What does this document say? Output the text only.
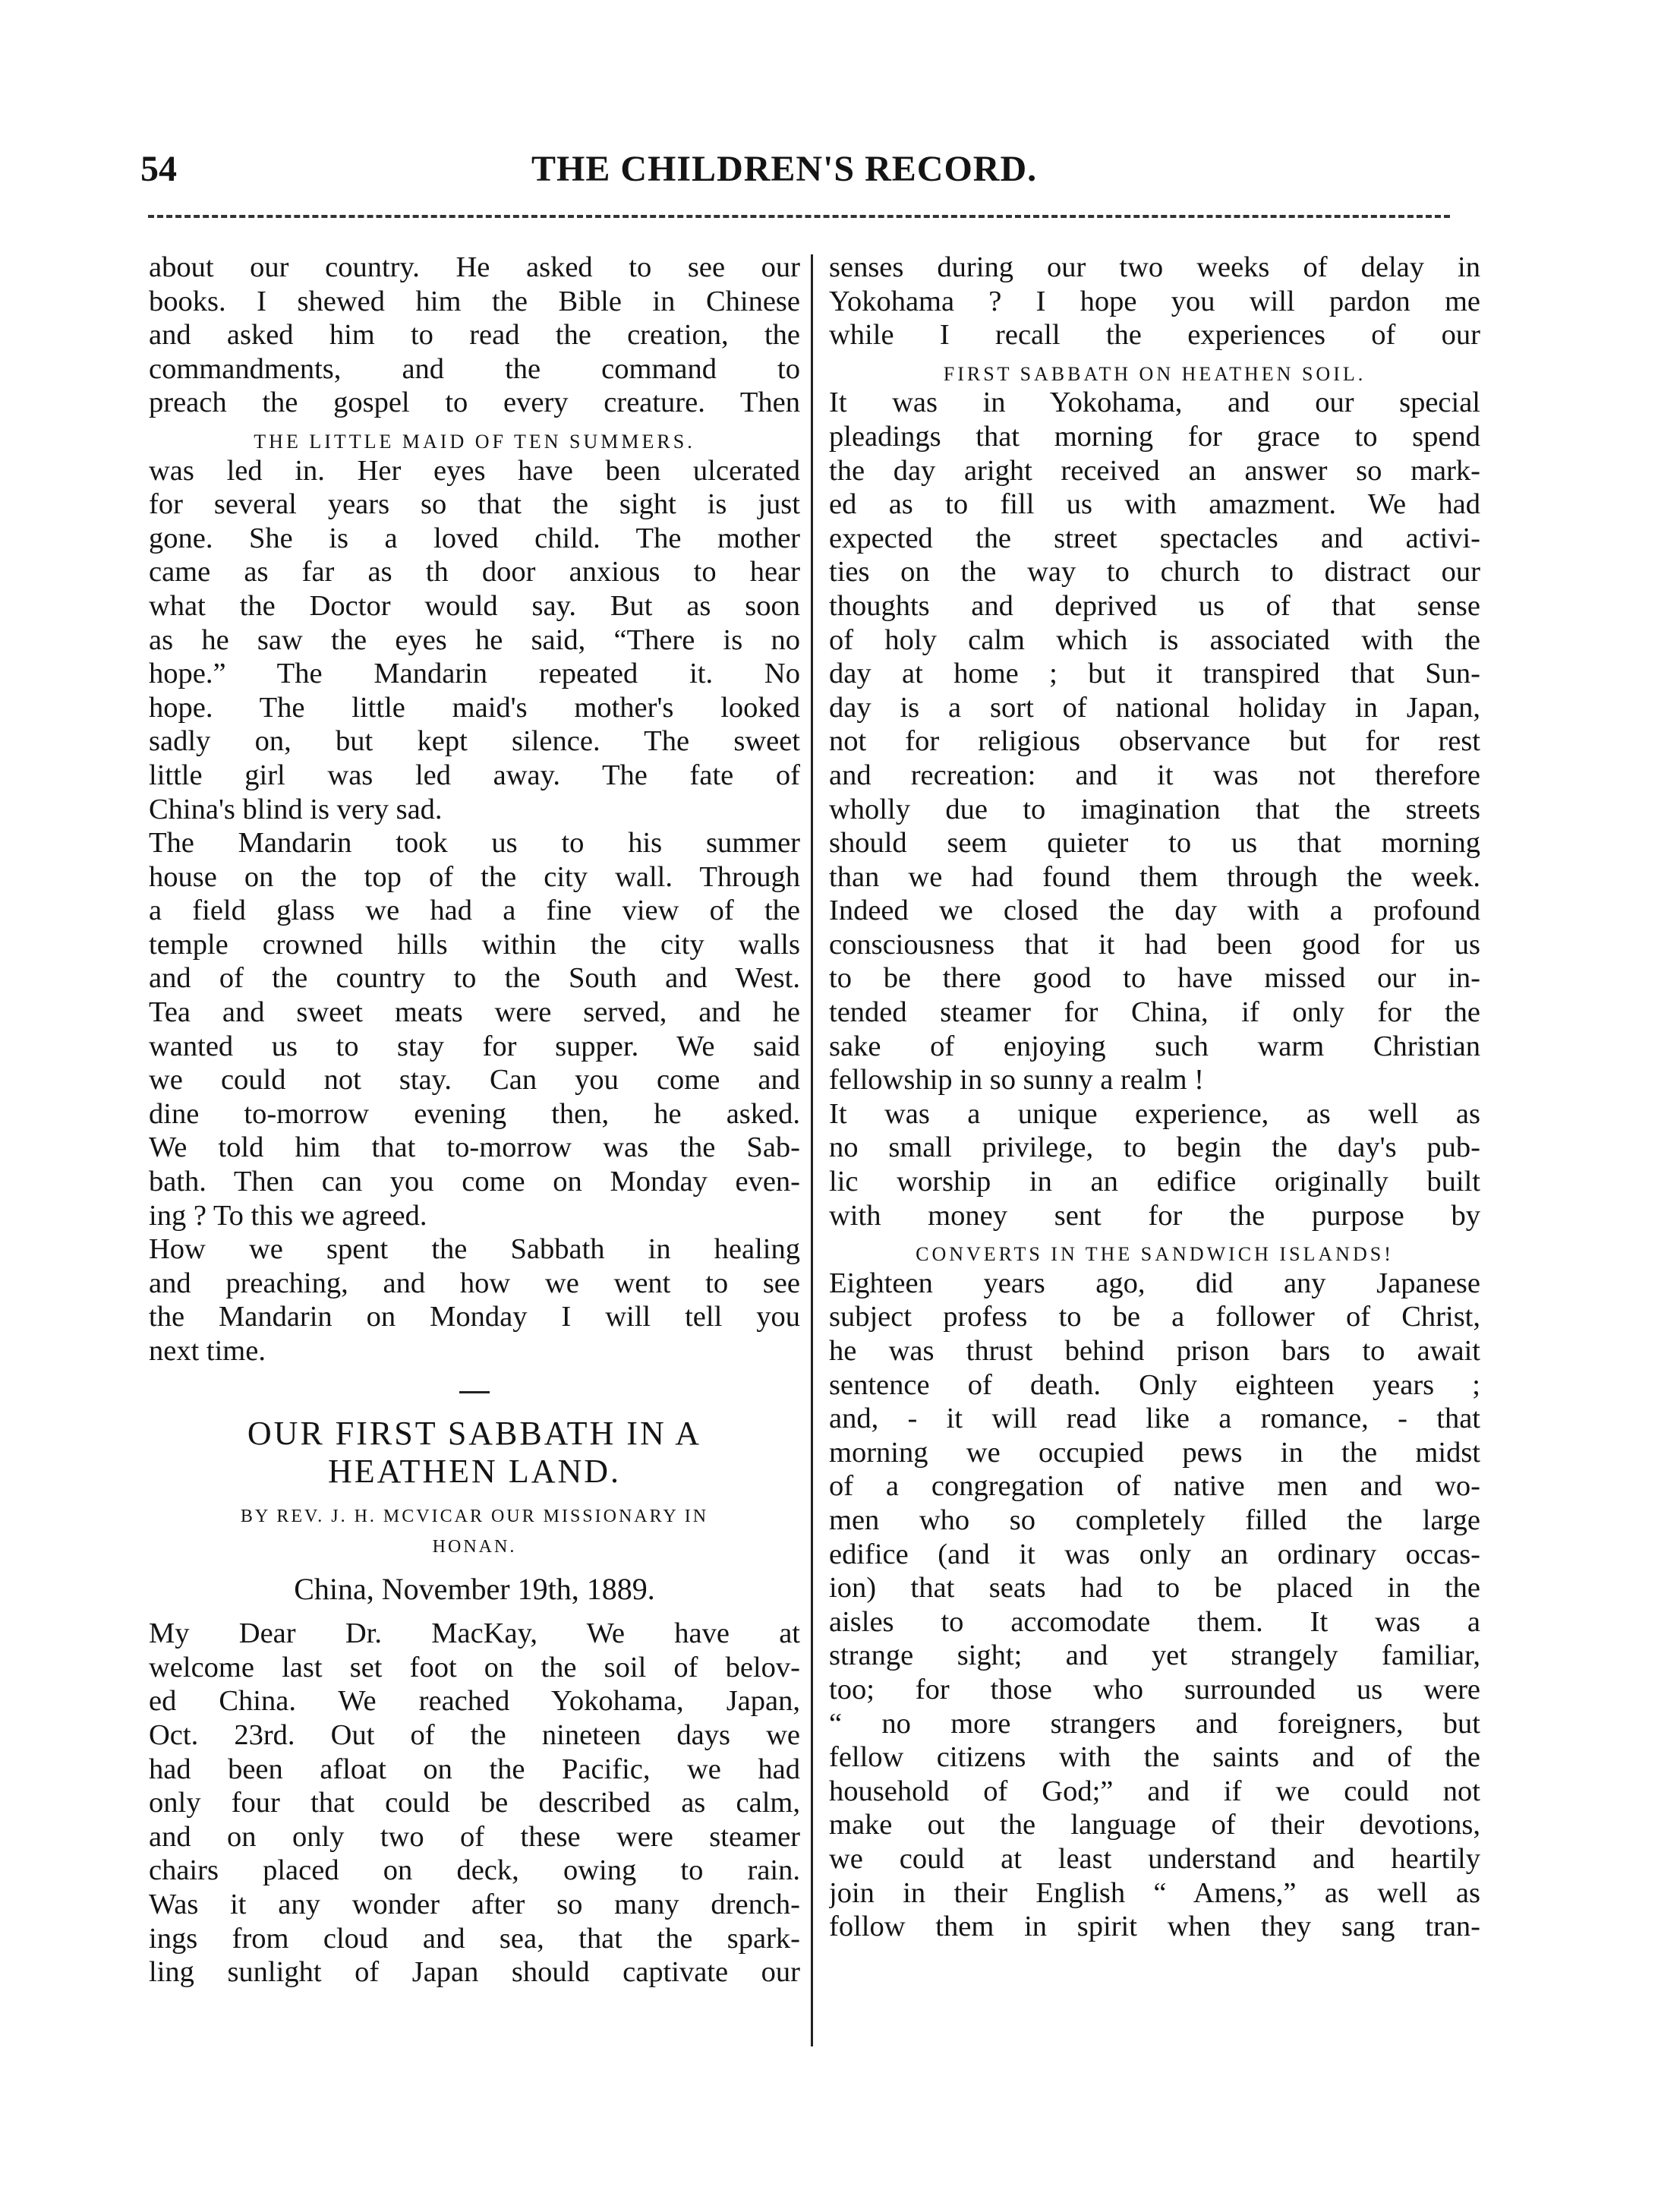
54	THE CHILDREN'S RECORD.
about our country. He asked to see our
books. I shewed him the Bible in Chinese
and asked him to read the creation, the
commandments, and the command to
preach the gospel to every creature. Then
THE LITTLE MAID OF TEN SUMMERS.
was led in. Her eyes have been ulcerated
for several years so that the sight is just
gone. She is a loved child. The mother
came as far as th door anxious to hear
what the Doctor would say. But as soon
as he saw the eyes he said, “There is no
hope.” The Mandarin repeated it. No
hope. The little maid's mother's looked
sadly on, but kept silence. The sweet
little girl was led away. The fate of
China's blind is very sad.
The Mandarin took us to his summer
house on the top of the city wall. Through
a field glass we had a fine view of the
temple crowned hills within the city walls
and of the country to the South and West.
Tea and sweet meats were served, and he
wanted us to stay for supper. We said
we could not stay. Can you come and
dine to-morrow evening then, he asked.
We told him that to-morrow was the Sab-
bath. Then can you come on Monday even-
ing ? To this we agreed.
How we spent the Sabbath in healing
and preaching, and how we went to see
the Mandarin on Monday I will tell you
next time.
OUR FIRST SABBATH IN A
HEATHEN LAND.
BY REV. J. H. MCVICAR OUR MISSIONARY IN
HONAN.
China, November 19th, 1889.
My Dear Dr. MacKay, We have at
welcome last set foot on the soil of belov-
ed China. We reached Yokohama, Japan,
Oct. 23rd. Out of the nineteen days we
had been afloat on the Pacific, we had
only four that could be described as calm,
and on only two of these were steamer
chairs placed on deck, owing to rain.
Was it any wonder after so many drench-
ings from cloud and sea, that the spark-
ling sunlight of Japan should captivate our
senses during our two weeks of delay in
Yokohama ? I hope you will pardon me
while I recall the experiences of our
FIRST SABBATH ON HEATHEN SOIL.
It was in Yokohama, and our special
pleadings that morning for grace to spend
the day aright received an answer so mark-
ed as to fill us with amazment. We had
expected the street spectacles and activi-
ties on the way to church to distract our
thoughts and deprived us of that sense
of holy calm which is associated with the
day at home ; but it transpired that Sun-
day is a sort of national holiday in Japan,
not for religious observance but for rest
and recreation: and it was not therefore
wholly due to imagination that the streets
should seem quieter to us that morning
than we had found them through the week.
Indeed we closed the day with a profound
consciousness that it had been good for us
to be there good to have missed our in-
tended steamer for China, if only for the
sake of enjoying such warm Christian
fellowship in so sunny a realm !
It was a unique experience, as well as
no small privilege, to begin the day's pub-
lic worship in an edifice originally built
with money sent for the purpose by
CONVERTS IN THE SANDWICH ISLANDS!
Eighteen years ago, did any Japanese
subject profess to be a follower of Christ,
he was thrust behind prison bars to await
sentence of death. Only eighteen years ;
and, - it will read like a romance, - that
morning we occupied pews in the midst
of a congregation of native men and wo-
men who so completely filled the large
edifice (and it was only an ordinary occas-
ion) that seats had to be placed in the
aisles to accomodate them. It was a
strange sight; and yet strangely familiar,
too; for those who surrounded us were
“ no more strangers and foreigners, but
fellow citizens with the saints and of the
household of God;” and if we could not
make out the language of their devotions,
we could at least understand and heartily
join in their English “ Amens,” as well as
follow them in spirit when they sang tran-
